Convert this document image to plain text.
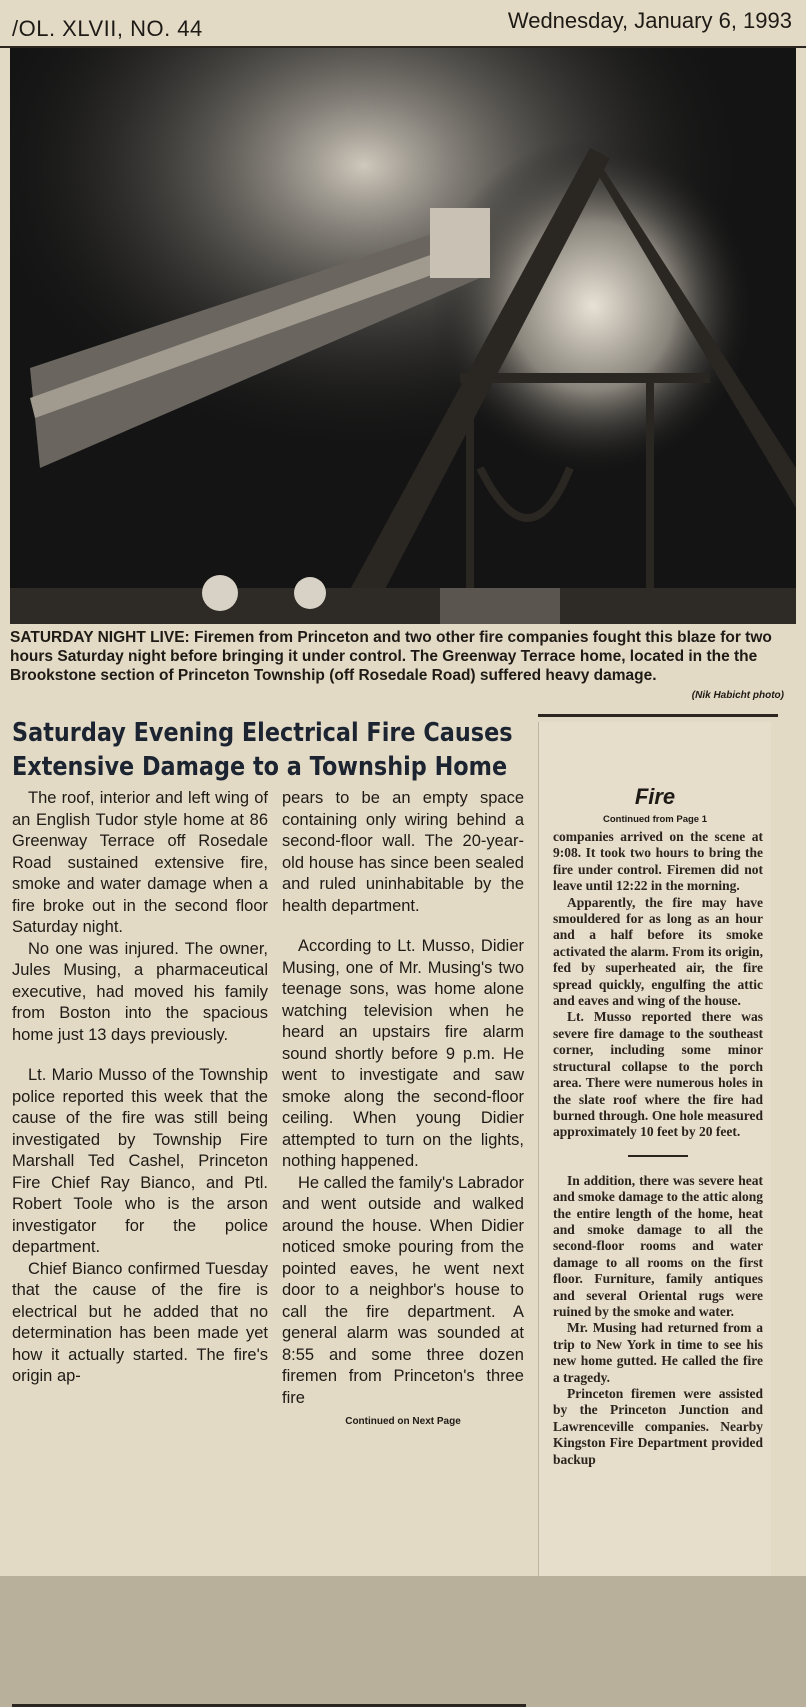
/OL. XLVII, NO. 44	Wednesday, January 6, 1993
SATURDAY NIGHT LIVE: Firemen from Princeton and two other fire companies fought this blaze for two hours Saturday night before bringing it under control. The Greenway Terrace home, located in the the Brookstone section of Princeton Township (off Rosedale Road) suffered heavy damage.
(Nik Habicht photo)
Saturday Evening Electrical Fire Causes
Extensive Damage to a Township Home

The roof, interior and left wing of an English Tudor style home at 86 Greenway Terrace off Rosedale Road sustained extensive fire, smoke and water damage when a fire broke out in the second floor Saturday night.

No one was injured. The owner, Jules Musing, a pharmaceutical executive, had moved his family from Boston into the spacious home just 13 days previously.

Lt. Mario Musso of the Township police reported this week that the cause of the fire was still being investigated by Township Fire Marshall Ted Cashel, Princeton Fire Chief Ray Bianco, and Ptl. Robert Toole who is the arson investigator for the police department.

Chief Bianco confirmed Tuesday that the cause of the fire is electrical but he added that no determination has been made yet how it actually started. The fire's origin ap-

pears to be an empty space containing only wiring behind a second-floor wall. The 20-year-old house has since been sealed and ruled uninhabitable by the health department.

According to Lt. Musso, Didier Musing, one of Mr. Musing's two teenage sons, was home alone watching television when he heard an upstairs fire alarm sound shortly before 9 p.m. He went to investigate and saw smoke along the second-floor ceiling. When young Didier attempted to turn on the lights, nothing happened.

He called the family's Labrador and went outside and walked around the house. When Didier noticed smoke pouring from the pointed eaves, he went next door to a neighbor's house to call the fire department. A general alarm was sounded at 8:55 and some three dozen firemen from Princeton's three fire

Continued on Next Page
Fire
Continued from Page 1

companies arrived on the scene at 9:08. It took two hours to bring the fire under control. Firemen did not leave until 12:22 in the morning.

Apparently, the fire may have smouldered for as long as an hour and a half before its smoke activated the alarm. From its origin, fed by superheated air, the fire spread quickly, engulfing the attic and eaves and wing of the house.

Lt. Musso reported there was severe fire damage to the southeast corner, including some minor structural collapse to the porch area. There were numerous holes in the slate roof where the fire had burned through. One hole measured approximately 10 feet by 20 feet.

In addition, there was severe heat and smoke damage to the attic along the entire length of the home, heat and smoke damage to all the second-floor rooms and water damage to all rooms on the first floor. Furniture, family antiques and several Oriental rugs were ruined by the smoke and water.

Mr. Musing had returned from a trip to New York in time to see his new home gutted. He called the fire a tragedy.

Princeton firemen were assisted by the Princeton Junction and Lawrenceville companies. Nearby Kingston Fire Department provided backup
